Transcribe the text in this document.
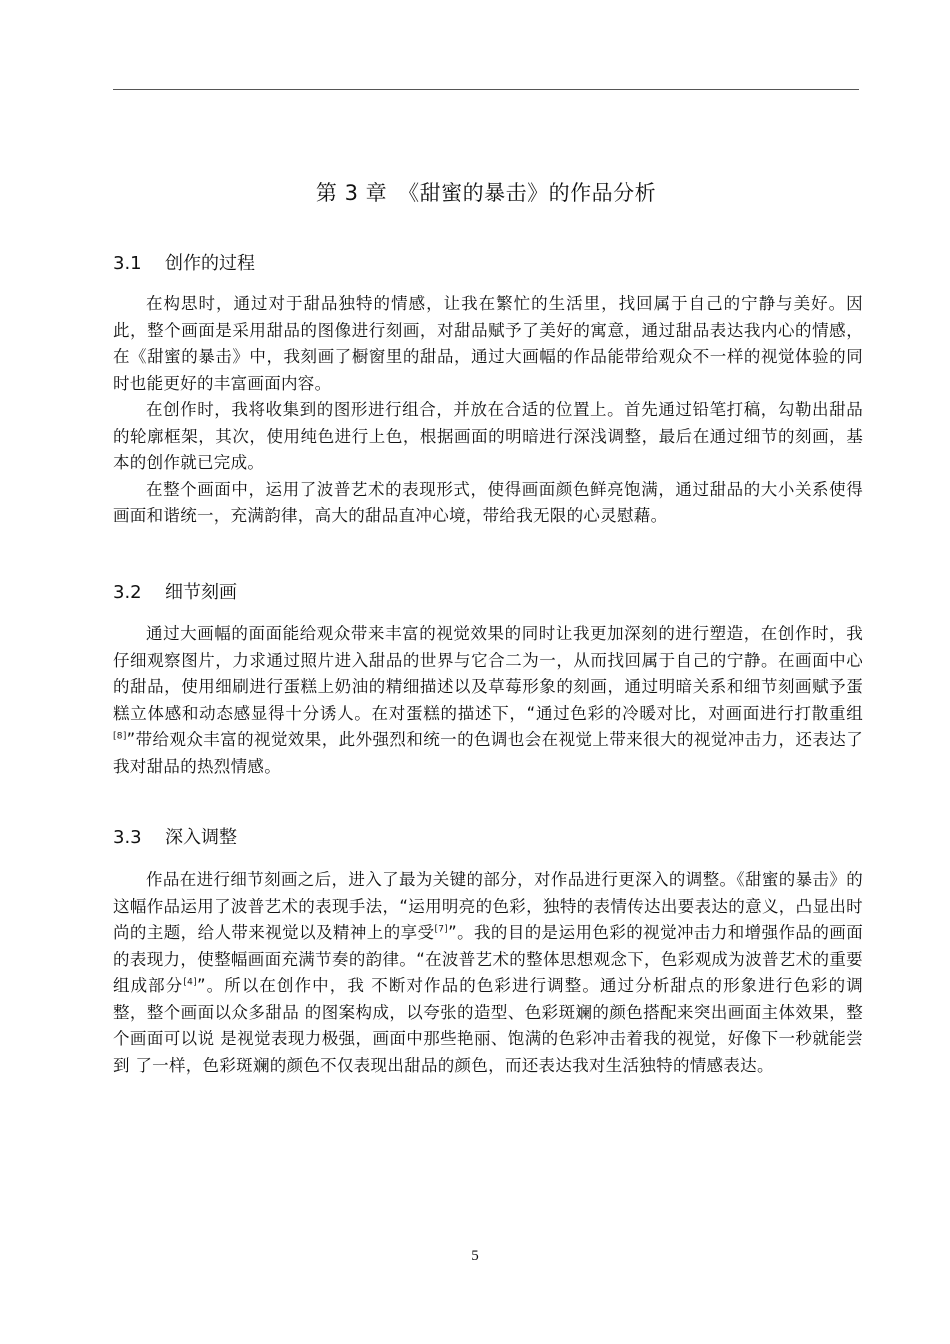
第 3 章　《甜蜜的暴击》的作品分析
3.1 创作的过程

在构思时，通过对于甜品独特的情感，让我在繁忙的生活里，找回属于自己的宁静与美好。因此，整个画面是采用甜品的图像进行刻画，对甜品赋予了美好的寓意，通过甜品表达我内心的情感，在《甜蜜的暴击》中，我刻画了橱窗里的甜品，通过大画幅的作品能带给观众不一样的视觉体验的同时也能更好的丰富画面内容。

在创作时，我将收集到的图形进行组合，并放在合适的位置上。首先通过铅笔打稿，勾勒出甜品的轮廓框架，其次，使用纯色进行上色，根据画面的明暗进行深浅调整，最后在通过细节的刻画，基本的创作就已完成。

在整个画面中，运用了波普艺术的表现形式，使得画面颜色鲜亮饱满，通过甜品的大小关系使得画面和谐统一，充满韵律，高大的甜品直冲心境，带给我无限的心灵慰藉。

3.2 细节刻画

通过大画幅的面面能给观众带来丰富的视觉效果的同时让我更加深刻的进行塑造，在创作时，我仔细观察图片，力求通过照片进入甜品的世界与它合二为一，从而找回属于自己的宁静。在画面中心的甜品，使用细刷进行蛋糕上奶油的精细描述以及草莓形象的刻画，通过明暗关系和细节刻画赋予蛋糕立体感和动态感显得十分诱人。在对蛋糕的描述下，“通过色彩的冷暖对比，对画面进行打散重组[8]”带给观众丰富的视觉效果，此外强烈和统一的色调也会在视觉上带来很大的视觉冲击力，还表达了我对甜品的热烈情感。

3.3 深入调整

作品在进行细节刻画之后，进入了最为关键的部分，对作品进行更深入的调整。《甜蜜的暴击》的这幅作品运用了波普艺术的表现手法，“运用明亮的色彩，独特的表情传达出要表达的意义，凸显出时尚的主题，给人带来视觉以及精神上的享受[7]”。我的目的是运用色彩的视觉冲击力和增强作品的画面的表现力，使整幅画面充满节奏的韵律。“在波普艺术的整体思想观念下，色彩观成为波普艺术的重要组成部分[4]”。所以在创作中，我 不断对作品的色彩进行调整。通过分析甜点的形象进行色彩的调整，整个画面以众多甜品 的图案构成，以夸张的造型、色彩斑斓的颜色搭配来突出画面主体效果，整个画面可以说 是视觉表现力极强，画面中那些艳丽、饱满的色彩冲击着我的视觉，好像下一秒就能尝到 了一样，色彩斑斓的颜色不仅表现出甜品的颜色，而还表达我对生活独特的情感表达。

5
